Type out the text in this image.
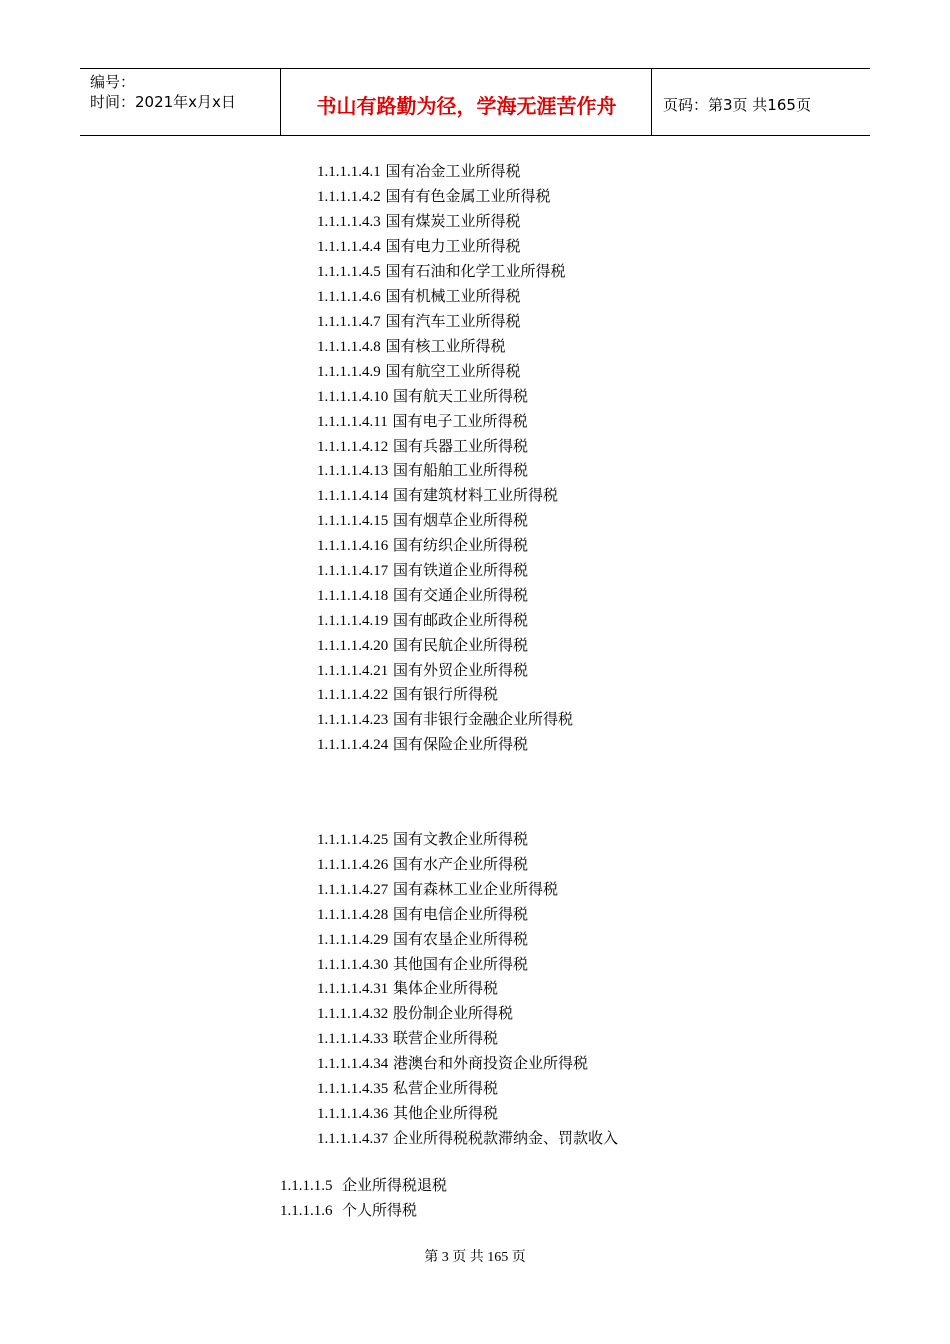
编号：
时间：2021年x月x日	书山有路勤为径，学海无涯苦作舟	页码：第3页 共165页
1.1.1.1.4.1 国有冶金工业所得税
1.1.1.1.4.2 国有有色金属工业所得税
1.1.1.1.4.3 国有煤炭工业所得税
1.1.1.1.4.4 国有电力工业所得税
1.1.1.1.4.5 国有石油和化学工业所得税
1.1.1.1.4.6 国有机械工业所得税
1.1.1.1.4.7 国有汽车工业所得税
1.1.1.1.4.8 国有核工业所得税
1.1.1.1.4.9 国有航空工业所得税
1.1.1.1.4.10 国有航天工业所得税
1.1.1.1.4.11 国有电子工业所得税
1.1.1.1.4.12 国有兵器工业所得税
1.1.1.1.4.13 国有船舶工业所得税
1.1.1.1.4.14 国有建筑材料工业所得税
1.1.1.1.4.15 国有烟草企业所得税
1.1.1.1.4.16 国有纺织企业所得税
1.1.1.1.4.17 国有铁道企业所得税
1.1.1.1.4.18 国有交通企业所得税
1.1.1.1.4.19 国有邮政企业所得税
1.1.1.1.4.20 国有民航企业所得税
1.1.1.1.4.21 国有外贸企业所得税
1.1.1.1.4.22 国有银行所得税
1.1.1.1.4.23 国有非银行金融企业所得税
1.1.1.1.4.24 国有保险企业所得税
1.1.1.1.4.25 国有文教企业所得税
1.1.1.1.4.26 国有水产企业所得税
1.1.1.1.4.27 国有森林工业企业所得税
1.1.1.1.4.28 国有电信企业所得税
1.1.1.1.4.29 国有农垦企业所得税
1.1.1.1.4.30 其他国有企业所得税
1.1.1.1.4.31 集体企业所得税
1.1.1.1.4.32 股份制企业所得税
1.1.1.1.4.33 联营企业所得税
1.1.1.1.4.34 港澳台和外商投资企业所得税
1.1.1.1.4.35 私营企业所得税
1.1.1.1.4.36 其他企业所得税
1.1.1.1.4.37 企业所得税税款滞纳金、罚款收入
1.1.1.1.5 企业所得税退税
1.1.1.1.6 个人所得税
第 3 页 共 165 页
